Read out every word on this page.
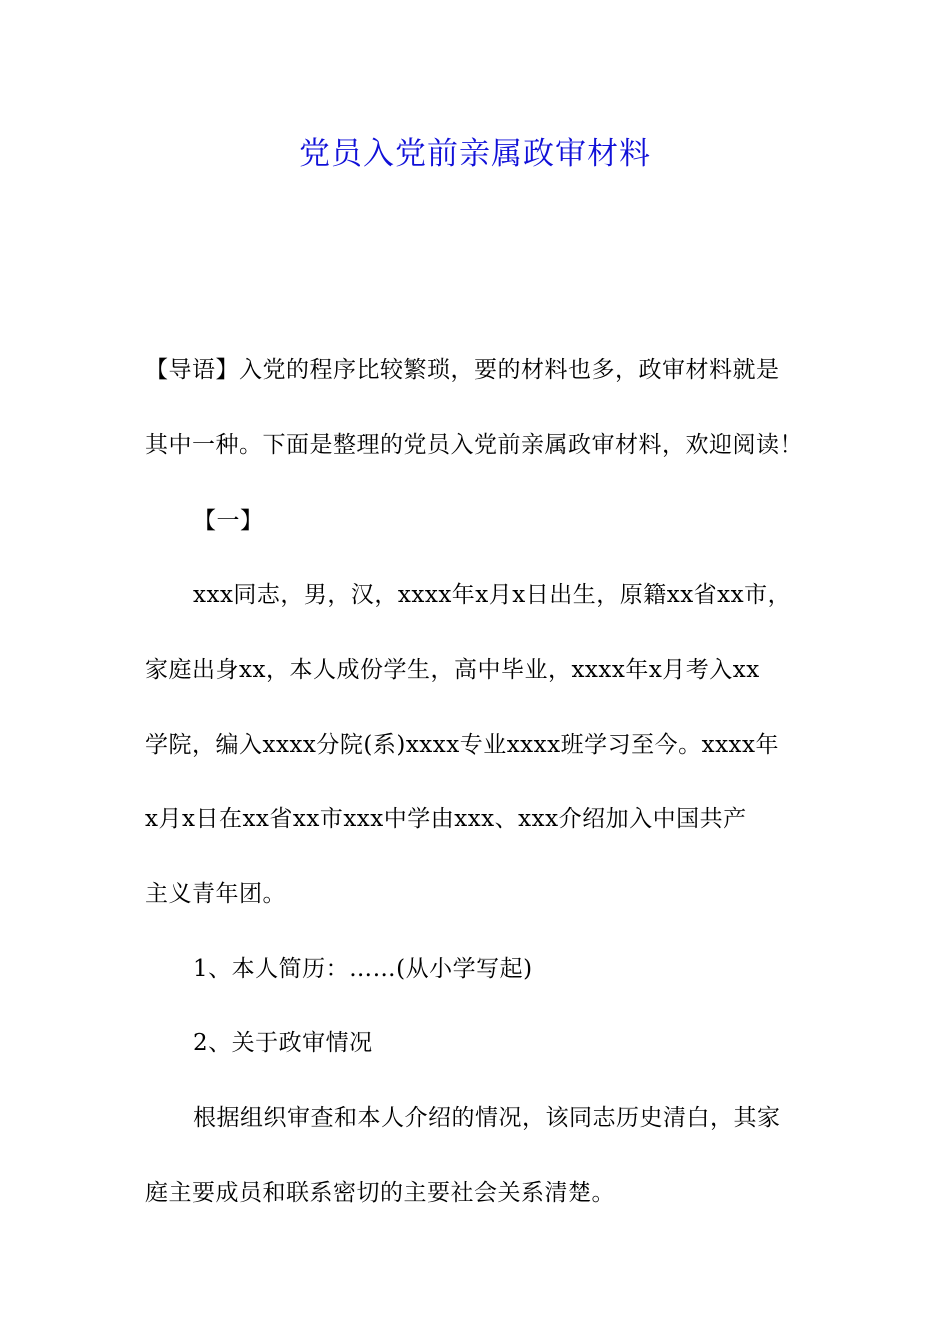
党员入党前亲属政审材料
【导语】入党的程序比较繁琐，要的材料也多，政审材料就是
其中一种。下面是整理的党员入党前亲属政审材料，欢迎阅读！
【一】
xxx同志，男，汉，xxxx年x月x日出生，原籍xx省xx市，
家庭出身xx，本人成份学生，高中毕业，xxxx年x月考入xx
学院，编入xxxx分院(系)xxxx专业xxxx班学习至今。xxxx年
x月x日在xx省xx市xxx中学由xxx、xxx介绍加入中国共产
主义青年团。
1、本人简历：……(从小学写起)
2、关于政审情况
根据组织审查和本人介绍的情况，该同志历史清白，其家
庭主要成员和联系密切的主要社会关系清楚。
